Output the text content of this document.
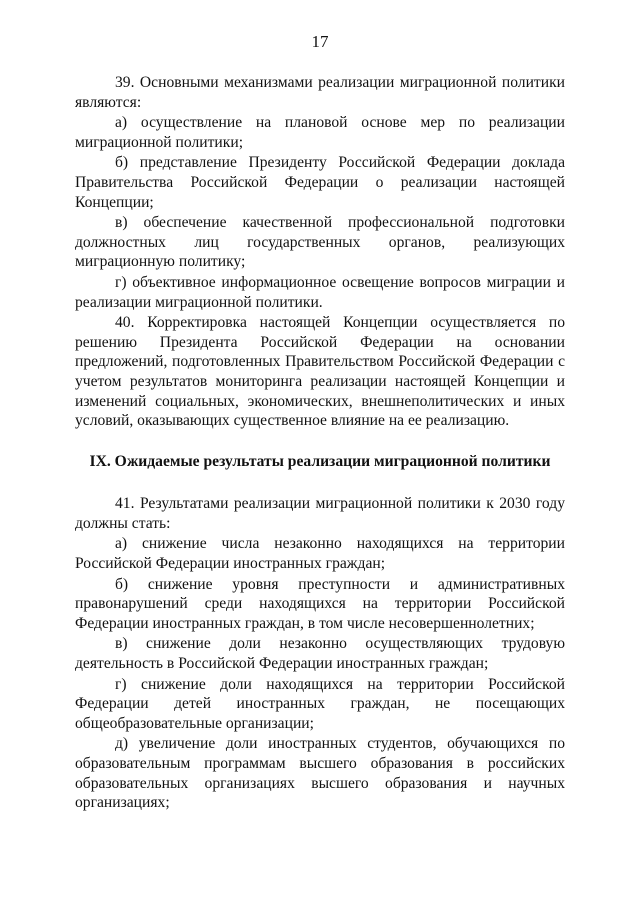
17

39. Основными механизмами реализации миграционной политики являются:

а) осуществление на плановой основе мер по реализации миграционной политики;

б) представление Президенту Российской Федерации доклада Правительства Российской Федерации о реализации настоящей Концепции;

в) обеспечение качественной профессиональной подготовки должностных лиц государственных органов, реализующих миграционную политику;

г) объективное информационное освещение вопросов миграции и реализации миграционной политики.

40. Корректировка настоящей Концепции осуществляется по решению Президента Российской Федерации на основании предложений, подготовленных Правительством Российской Федерации с учетом результатов мониторинга реализации настоящей Концепции и изменений социальных, экономических, внешнеполитических и иных условий, оказывающих существенное влияние на ее реализацию.

IX. Ожидаемые результаты реализации миграционной политики

41. Результатами реализации миграционной политики к 2030 году должны стать:

а) снижение числа незаконно находящихся на территории Российской Федерации иностранных граждан;

б) снижение уровня преступности и административных правонарушений среди находящихся на территории Российской Федерации иностранных граждан, в том числе несовершеннолетних;

в) снижение доли незаконно осуществляющих трудовую деятельность в Российской Федерации иностранных граждан;

г) снижение доли находящихся на территории Российской Федерации детей иностранных граждан, не посещающих общеобразовательные организации;

д) увеличение доли иностранных студентов, обучающихся по образовательным программам высшего образования в российских образовательных организациях высшего образования и научных организациях;
